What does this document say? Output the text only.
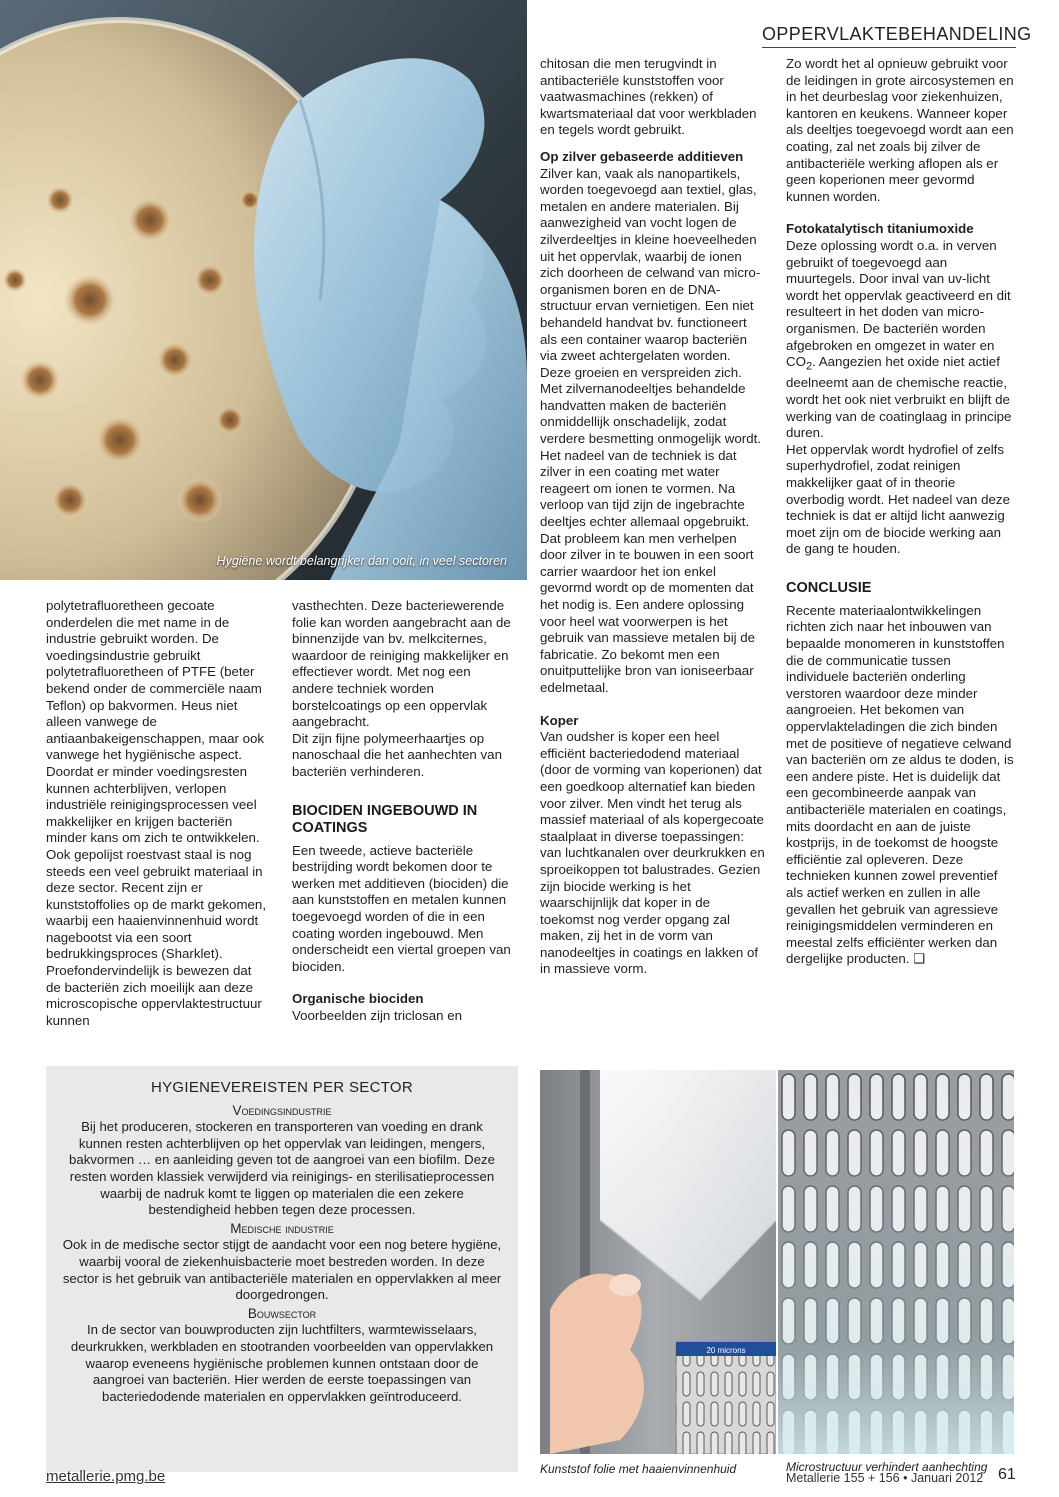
Hygiëne wordt belangrijker dan ooit, in veel sectoren
OPPERVLAKTEBEHANDELING

polytetrafluoretheen gecoate onderdelen die met name in de industrie gebruikt worden. De voedingsindustrie gebruikt polytetrafluoretheen of PTFE (beter bekend onder de commerciële naam Teflon) op bakvormen. Heus niet alleen vanwege de antiaanbakeigenschappen, maar ook vanwege het hygiënische aspect. Doordat er minder voedingsresten kunnen achterblijven, verlopen industriële reinigingsprocessen veel makkelijker en krijgen bacteriën minder kans om zich te ontwikkelen. Ook gepolijst roestvast staal is nog steeds een veel gebruikt materiaal in deze sector. Recent zijn er kunststoffolies op de markt gekomen, waarbij een haaienvinnenhuid wordt nagebootst via een soort bedrukkingsproces (Sharklet). Proefondervindelijk is bewezen dat de bacteriën zich moeilijk aan deze microscopische oppervlaktestructuur kunnen

vasthechten. Deze bacteriewerende folie kan worden aangebracht aan de binnenzijde van bv. melkciternes, waardoor de reiniging makkelijker en effectiever wordt. Met nog een andere techniek worden borstelcoatings op een oppervlak aangebracht.

Dit zijn fijne polymeerhaartjes op nanoschaal die het aanhechten van bacteriën verhinderen.

BIOCIDEN INGEBOUWD IN COATINGS

Een tweede, actieve bacteriële bestrijding wordt bekomen door te werken met additieven (biociden) die aan kunststoffen en metalen kunnen toegevoegd worden of die in een coating worden ingebouwd. Men onderscheidt een viertal groepen van biociden.

Organische biociden

Voorbeelden zijn triclosan en

chitosan die men terugvindt in antibacteriële kunststoffen voor vaatwasmachines (rekken) of kwartsmateriaal dat voor werkbladen en tegels wordt gebruikt.

Op zilver gebaseerde additieven

Zilver kan, vaak als nanopartikels, worden toegevoegd aan textiel, glas, metalen en andere materialen. Bij aanwezigheid van vocht logen de zilverdeeltjes in kleine hoeveelheden uit het oppervlak, waarbij de ionen zich doorheen de celwand van micro-organismen boren en de DNA-structuur ervan vernietigen. Een niet behandeld handvat bv. functioneert als een container waarop bacteriën via zweet achtergelaten worden.

Deze groeien en verspreiden zich. Met zilvernanodeeltjes behandelde handvatten maken de bacteriën onmiddellijk onschadelijk, zodat verdere besmetting onmogelijk wordt. Het nadeel van de techniek is dat zilver in een coating met water reageert om ionen te vormen. Na verloop van tijd zijn de ingebrachte deeltjes echter allemaal opgebruikt. Dat probleem kan men verhelpen door zilver in te bouwen in een soort carrier waardoor het ion enkel gevormd wordt op de momenten dat het nodig is. Een andere oplossing voor heel wat voorwerpen is het gebruik van massieve metalen bij de fabricatie. Zo bekomt men een onuitputtelijke bron van ioniseerbaar edelmetaal.

Koper

Van oudsher is koper een heel efficiënt bacteriedodend materiaal (door de vorming van koperionen) dat een goedkoop alternatief kan bieden voor zilver. Men vindt het terug als massief materiaal of als kopergecoate staalplaat in diverse toepassingen: van luchtkanalen over deurkrukken en sproeikoppen tot balustrades. Gezien zijn biocide werking is het waarschijnlijk dat koper in de toekomst nog verder opgang zal maken, zij het in de vorm van nanodeeltjes in coatings en lakken of in massieve vorm.

Zo wordt het al opnieuw gebruikt voor de leidingen in grote aircosystemen en in het deurbeslag voor ziekenhuizen, kantoren en keukens. Wanneer koper als deeltjes toegevoegd wordt aan een coating, zal net zoals bij zilver de antibacteriële werking aflopen als er geen koperionen meer gevormd kunnen worden.

Fotokatalytisch titaniumoxide

Deze oplossing wordt o.a. in verven gebruikt of toegevoegd aan muurtegels. Door inval van uv-licht wordt het oppervlak geactiveerd en dit resulteert in het doden van micro-organismen. De bacteriën worden afgebroken en omgezet in water en $CO_2$. Aangezien het oxide niet actief deelneemt aan de chemische reactie, wordt het ook niet verbruikt en blijft de werking van de coatinglaag in principe duren.

Het oppervlak wordt hydrofiel of zelfs superhydrofiel, zodat reinigen makkelijker gaat of in theorie overbodig wordt. Het nadeel van deze techniek is dat er altijd licht aanwezig moet zijn om de biocide werking aan de gang te houden.

CONCLUSIE

Recente materiaalontwikkelingen richten zich naar het inbouwen van bepaalde monomeren in kunststoffen die de communicatie tussen individuele bacteriën onderling verstoren waardoor deze minder aangroeien. Het bekomen van oppervlakteladingen die zich binden met de positieve of negatieve celwand van bacteriën om ze aldus te doden, is een andere piste. Het is duidelijk dat een gecombineerde aanpak van antibacteriële materialen en coatings, mits doordacht en aan de juiste kostprijs, in de toekomst de hoogste efficiëntie zal opleveren. Deze technieken kunnen zowel preventief als actief werken en zullen in alle gevallen het gebruik van agressieve reinigingsmiddelen verminderen en meestal zelfs efficiënter werken dan dergelijke producten. ❑

HYGIENEVEREISTEN PER SECTOR
Voedingsindustrie

Bij het produceren, stockeren en transporteren van voeding en drank kunnen resten achterblijven op het oppervlak van leidingen, mengers, bakvormen … en aanleiding geven tot de aangroei van een biofilm. Deze resten worden klassiek verwijderd via reinigings- en sterilisatieprocessen waarbij de nadruk komt te liggen op materialen die een zekere bestendigheid hebben tegen deze processen.

Medische industrie

Ook in de medische sector stijgt de aandacht voor een nog betere hygiëne, waarbij vooral de ziekenhuisbacterie moet bestreden worden. In deze sector is het gebruik van antibacteriële materialen en oppervlakken al meer doorgedrongen.

Bouwsector

In de sector van bouwproducten zijn luchtfilters, warmtewisselaars, deurkrukken, werkbladen en stootranden voorbeelden van oppervlakken waarop eveneens hygiënische problemen kunnen ontstaan door de aangroei van bacteriën. Hier werden de eerste toepassingen van bacteriedodende materialen en oppervlakken geïntroduceerd.

20 microns
Kunststof folie met haaienvinnenhuid	Microstructuur verhindert aanhechting
metallerie.pmg.be	Metallerie 155 + 156 • Januari 2012 61
